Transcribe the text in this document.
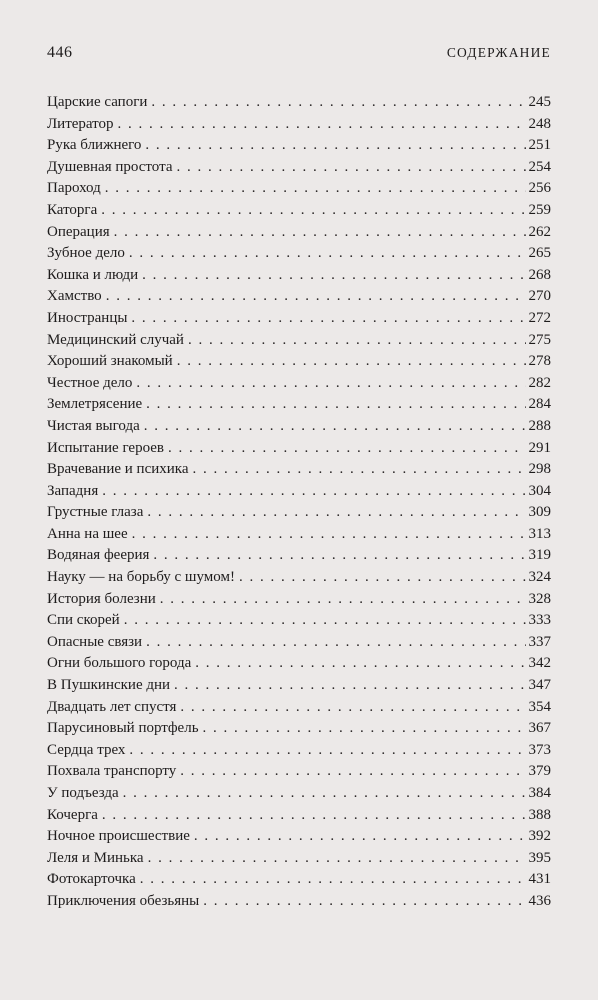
446	СОДЕРЖАНИЕ
Царские сапоги . . .	245
Литератор . . .	248
Рука ближнего . . .	251
Душевная простота . . .	254
Пароход . . .	256
Каторга . . .	259
Операция . . .	262
Зубное дело . . .	265
Кошка и люди . . .	268
Хамство . . .	270
Иностранцы . . .	272
Медицинский случай . . .	275
Хороший знакомый . . .	278
Честное дело . . .	282
Землетрясение . . .	284
Чистая выгода . . .	288
Испытание героев . . .	291
Врачевание и психика . . .	298
Западня . . .	304
Грустные глаза . . .	309
Анна на шее . . .	313
Водяная феерия . . .	319
Науку — на борьбу с шумом! . . .	324
История болезни . . .	328
Спи скорей . . .	333
Опасные связи . . .	337
Огни большого города . . .	342
В Пушкинские дни . . .	347
Двадцать лет спустя . . .	354
Парусиновый портфель . . .	367
Сердца трех . . .	373
Похвала транспорту . . .	379
У подъезда . . .	384
Кочерга . . .	388
Ночное происшествие . . .	392
Леля и Минька . . .	395
Фотокарточка . . .	431
Приключения обезьяны . . .	436
